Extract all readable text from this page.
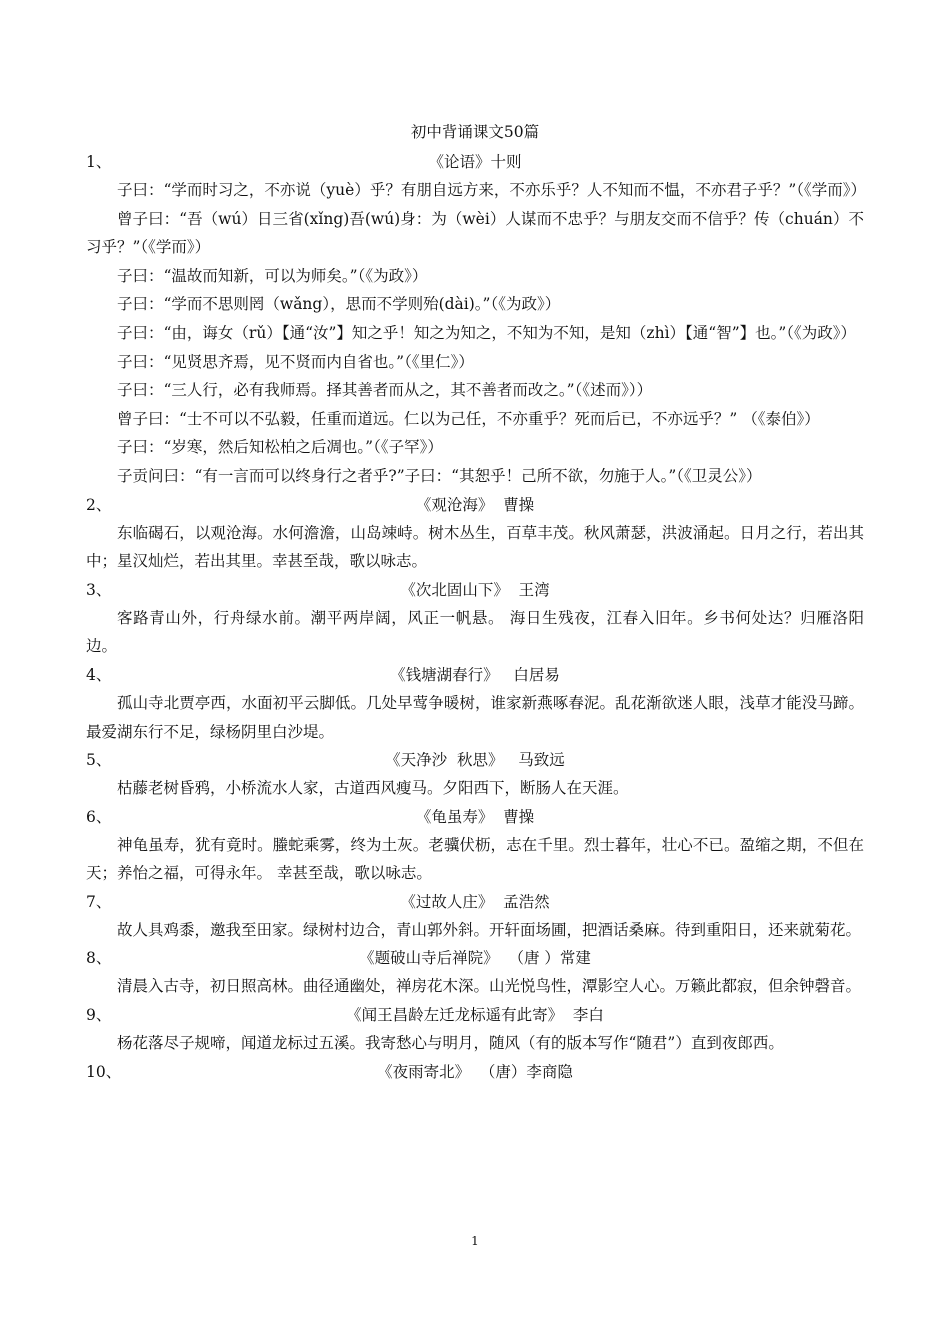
初中背诵课文50篇
1、	《论语》十则

子曰：“学而时习之，不亦说（yuè）乎？有朋自远方来，不亦乐乎？人不知而不愠，不亦君子乎？”（《学而》）

曾子曰：“吾（wú）日三省(xǐng)吾(wú)身：为（wèi）人谋而不忠乎？与朋友交而不信乎？传（chuán）不习乎？”（《学而》）

子曰：“温故而知新，可以为师矣。”（《为政》）

子曰：“学而不思则罔（wǎng），思而不学则殆(dài)。”（《为政》）

子曰：“由，诲女（rǔ）【通“汝”】知之乎！知之为知之，不知为不知，是知（zhì）【通“智”】也。”（《为政》）

子曰：“见贤思齐焉，见不贤而内自省也。”（《里仁》）

子曰：“三人行，必有我师焉。择其善者而从之，其不善者而改之。”（《述而》））

曾子曰：“士不可以不弘毅，任重而道远。仁以为己任，不亦重乎？死而后已，不亦远乎？” （《泰伯》）

子曰：“岁寒，然后知松柏之后凋也。”（《子罕》）

子贡问曰：“有一言而可以终身行之者乎?”子曰：“其恕乎！己所不欲，勿施于人。”（《卫灵公》）

2、	《观沧海》  曹操

东临碣石，以观沧海。水何澹澹，山岛竦峙。树木丛生，百草丰茂。秋风萧瑟，洪波涌起。日月之行，若出其中；星汉灿烂，若出其里。幸甚至哉，歌以咏志。

3、	《次北固山下》  王湾

客路青山外，行舟绿水前。潮平两岸阔，风正一帆悬。 海日生残夜，江春入旧年。乡书何处达？归雁洛阳边。

4、	《钱塘湖春行》   白居易

孤山寺北贾亭西，水面初平云脚低。几处早莺争暖树，谁家新燕啄春泥。乱花渐欲迷人眼，浅草才能没马蹄。最爱湖东行不足，绿杨阴里白沙堤。

5、	《天净沙  秋思》   马致远

枯藤老树昏鸦，小桥流水人家，古道西风瘦马。夕阳西下，断肠人在天涯。

6、	《龟虽寿》  曹操

神龟虽寿，犹有竟时。螣蛇乘雾，终为土灰。老骥伏枥，志在千里。烈士暮年，壮心不已。盈缩之期，不但在天；养怡之福，可得永年。 幸甚至哉，歌以咏志。

7、	《过故人庄》  孟浩然

故人具鸡黍，邀我至田家。绿树村边合，青山郭外斜。开轩面场圃，把酒话桑麻。待到重阳日，还来就菊花。

8、	《题破山寺后禅院》  （唐 ）常建

清晨入古寺，初日照高林。曲径通幽处，禅房花木深。山光悦鸟性，潭影空人心。万籁此都寂，但余钟磬音。

9、	《闻王昌龄左迁龙标遥有此寄》  李白

杨花落尽子规啼，闻道龙标过五溪。我寄愁心与明月，随风（有的版本写作“随君”）直到夜郎西。

10、	《夜雨寄北》  （唐）李商隐
1
